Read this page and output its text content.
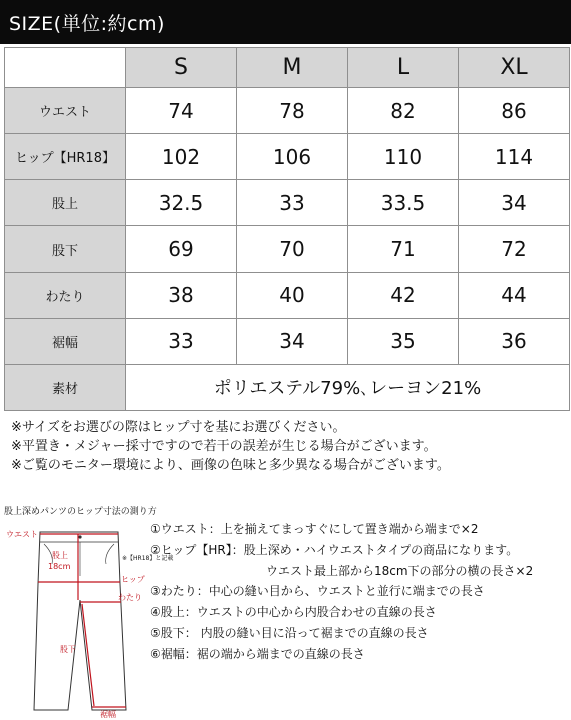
SIZE(単位:約cm)
	S	M	L	XL
ウエスト	74	78	82	86
ヒップ【HR18】	102	106	110	114
股上	32.5	33	33.5	34
股下	69	70	71	72
わたり	38	40	42	44
裾幅	33	34	35	36
素材	ポリエステル79%､レーヨン21%			
※サイズをお選びの際はヒップ寸を基にお選びください。
※平置き・メジャー採寸ですので若干の誤差が生じる場合がございます。
※ご覧のモニター環境により、画像の色味と多少異なる場合がございます。
股上深めパンツのヒップ寸法の測り方
ウエスト
股上
18cm
※【HR18】と記載
ヒップ
わたり
股下
裾幅
①ウエスト：上を揃えてまっすぐにして置き端から端まで×2
②ヒップ【HR】：股上深め・ハイウエストタイプの商品になります。
ウエスト最上部から18cm下の部分の横の長さ×2
③わたり：中心の縫い目から、ウエストと並行に端までの長さ
④股上：ウエストの中心から内股合わせの直線の長さ
⑤股下： 内股の縫い目に沿って裾までの直線の長さ
⑥裾幅：裾の端から端までの直線の長さ
